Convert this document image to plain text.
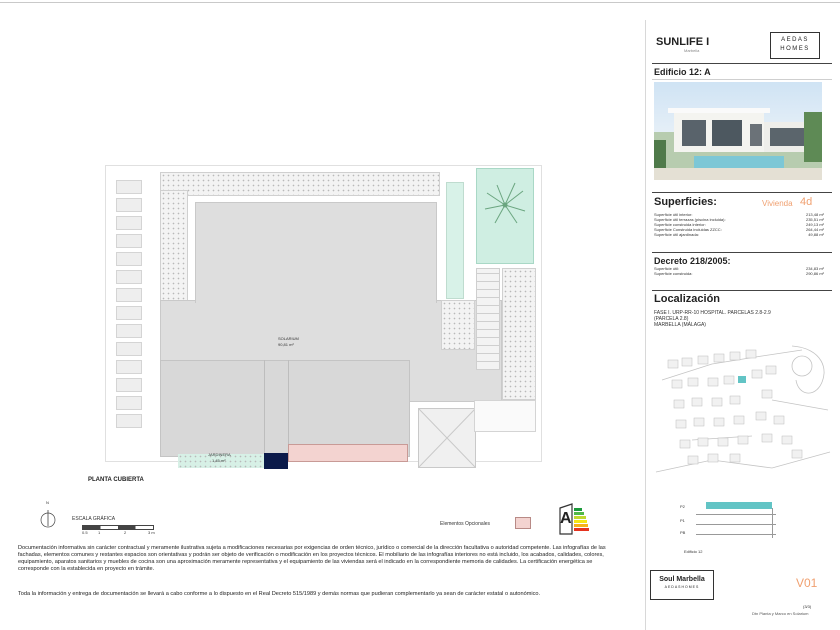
SOLARIUM
90,81 m²
JARDINERA
1,45 m²
PLANTA CUBIERTA
N
ESCALA GRÁFICA
0.5	1	2	3 m
Elementos Opcionales	A
Documentación informativa sin carácter contractual y meramente ilustrativa sujeta a modificaciones necesarias por exigencias de orden técnico, jurídico o comercial de la dirección facultativa o autoridad competente. Las infografías de las fachadas, elementos comunes y restantes espacios son orientativas y podrán ser objeto de verificación o modificación en los proyectos técnicos. El mobiliario de las infografías interiores no está incluido, los acabados, calidades, colores, equipamiento, aparatos sanitarios y muebles de cocina son una aproximación meramente representativa y el equipamiento de las viviendas será el indicado en la correspondiente memoria de calidades. La certificación energética se corresponde con la establecida en proyecto en trámite.
Toda la información y entrega de documentación se llevará a cabo conforme a lo dispuesto en el Real Decreto 515/1989 y demás normas que pudieran complementarlo ya sean de carácter estatal o autonómico.
SUNLIFE I
Marbella
AEDAS
HOMES
Edificio 12: A
Superficies:	Vivienda 4d
Superficie útil interior:	213,48 m²
Superficie útil terrazas (piscina incluida):	235,51 m²
Superficie construida interior:	249,13 m²
Superficie Construida incluidas ZZCC:	264,44 m²
Superficie útil ajardinada:	49,88 m²
Decreto 218/2005:
Superficie útil:	234,83 m²
Superficie construida:	290,86 m²
Localización
FASE I. URP-RR-10 HOSPITAL. PARCELAS 2.8-2.9
(PARCELA 2.8)
MARBELLA (MÁLAGA)
P2
P1
PB
Edificio 12
Soul Marbella
AEDASHOMES	V01
(3/3)
Dtn Planta y Marco en Solarium
